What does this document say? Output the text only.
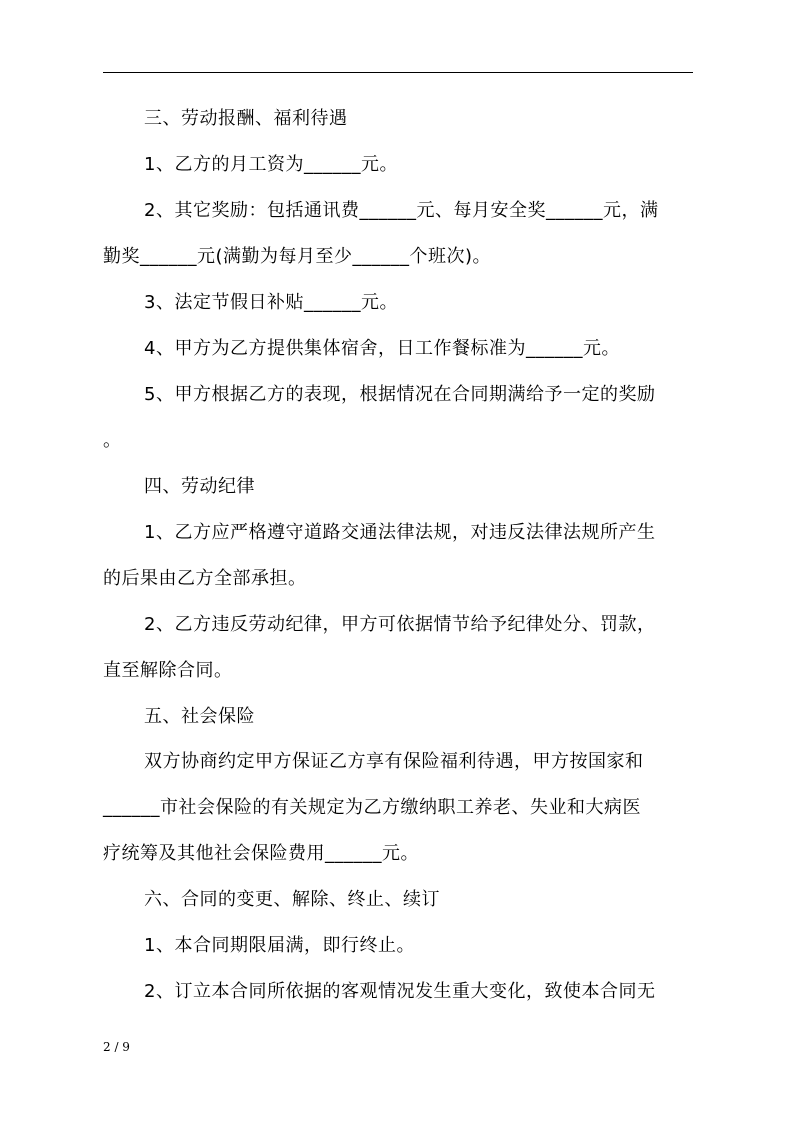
三、劳动报酬、福利待遇
1、乙方的月工资为______元。
2、其它奖励：包括通讯费______元、每月安全奖______元，满
勤奖______元(满勤为每月至少______个班次)。
3、法定节假日补贴______元。
4、甲方为乙方提供集体宿舍，日工作餐标准为______元。
5、甲方根据乙方的表现，根据情况在合同期满给予一定的奖励
。
四、劳动纪律
1、乙方应严格遵守道路交通法律法规，对违反法律法规所产生
的后果由乙方全部承担。
2、乙方违反劳动纪律，甲方可依据情节给予纪律处分、罚款，
直至解除合同。
五、社会保险
双方协商约定甲方保证乙方享有保险福利待遇，甲方按国家和
______市社会保险的有关规定为乙方缴纳职工养老、失业和大病医
疗统筹及其他社会保险费用______元。
六、合同的变更、解除、终止、续订
1、本合同期限届满，即行终止。
2、订立本合同所依据的客观情况发生重大变化，致使本合同无
2 / 9
